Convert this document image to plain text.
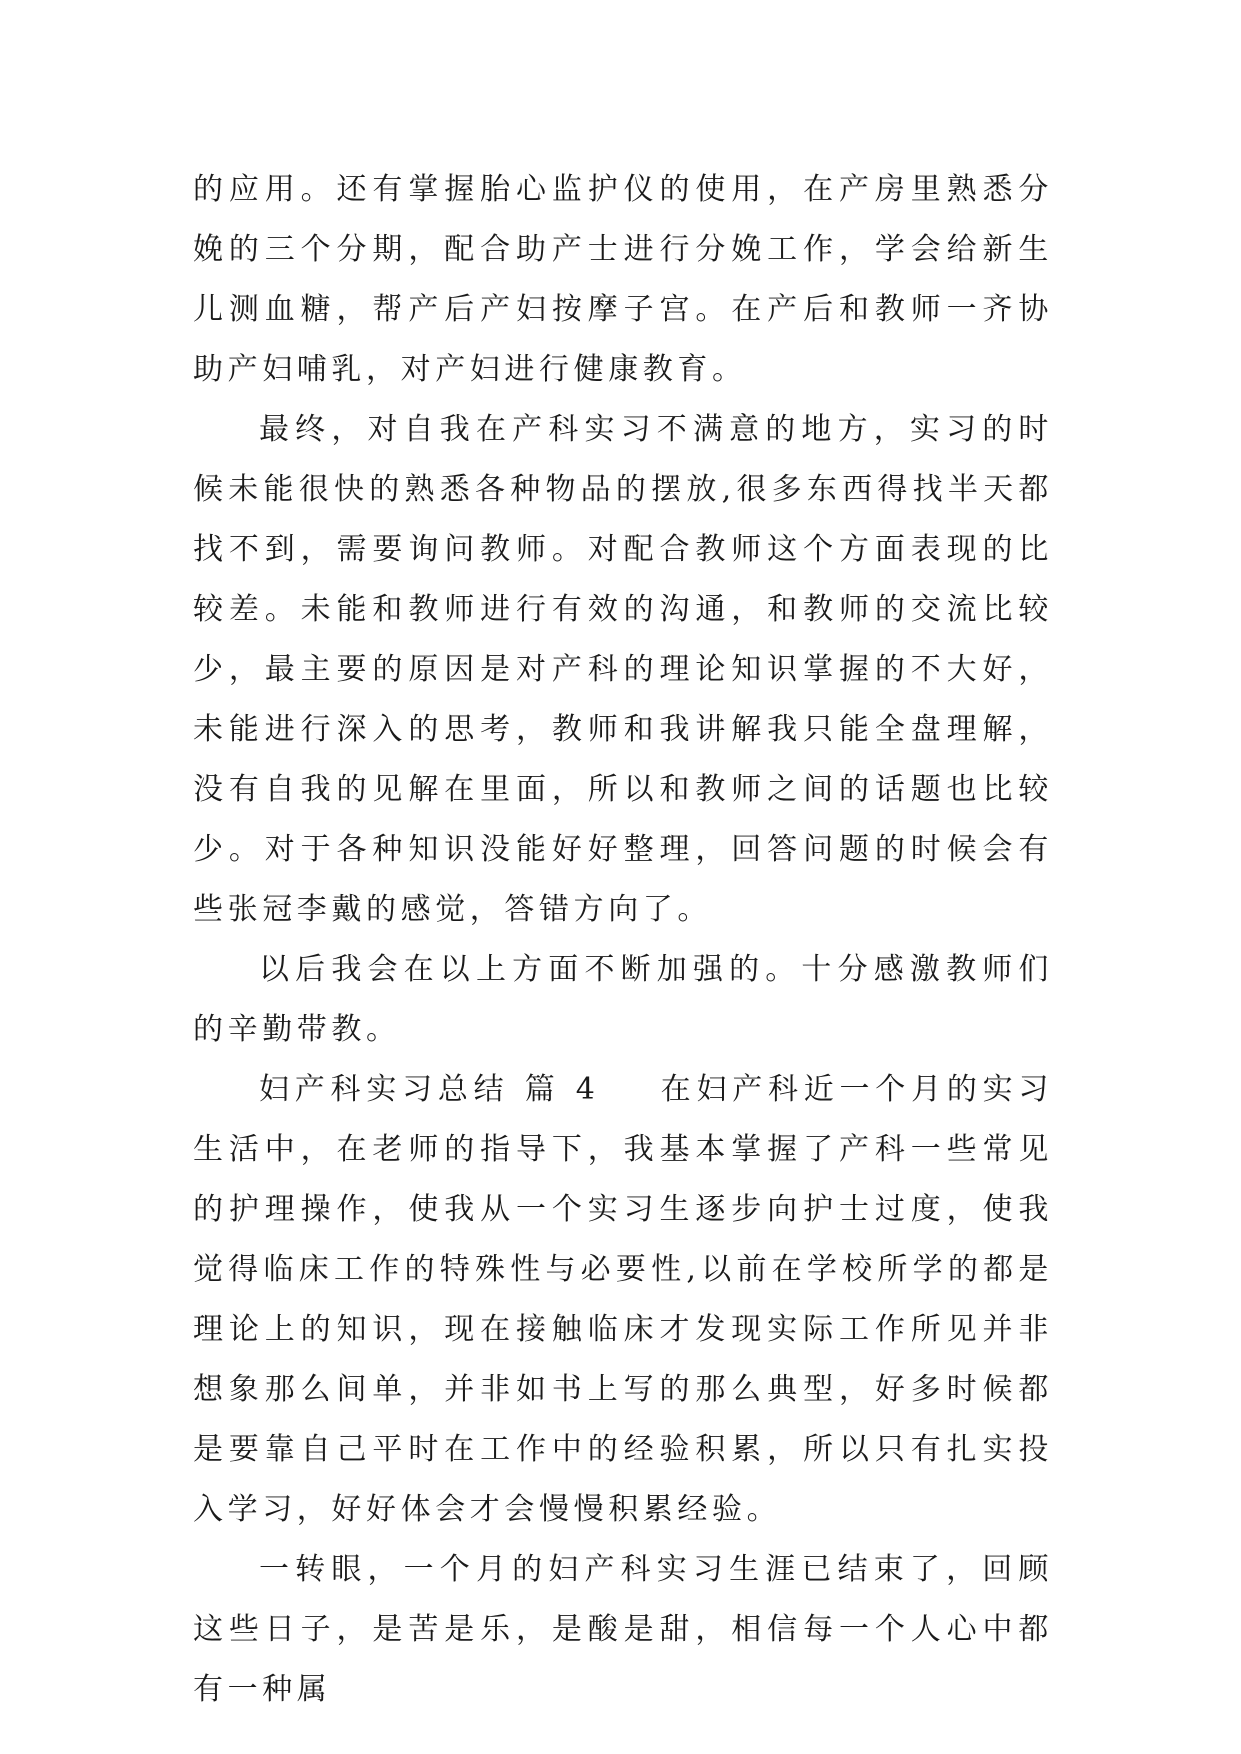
的应用。还有掌握胎心监护仪的使用，在产房里熟悉分娩的三个分期，配合助产士进行分娩工作，学会给新生儿测血糖，帮产后产妇按摩子宫。在产后和教师一齐协助产妇哺乳，对产妇进行健康教育。

最终，对自我在产科实习不满意的地方，实习的时候未能很快的熟悉各种物品的摆放,很多东西得找半天都找不到，需要询问教师。对配合教师这个方面表现的比较差。未能和教师进行有效的沟通，和教师的交流比较少，最主要的原因是对产科的理论知识掌握的不大好，未能进行深入的思考，教师和我讲解我只能全盘理解，没有自我的见解在里面，所以和教师之间的话题也比较少。对于各种知识没能好好整理，回答问题的时候会有些张冠李戴的感觉，答错方向了。

以后我会在以上方面不断加强的。十分感激教师们的辛勤带教。

妇产科实习总结 篇 4 在妇产科近一个月的实习生活中，在老师的指导下，我基本掌握了产科一些常见的护理操作，使我从一个实习生逐步向护士过度，使我觉得临床工作的特殊性与必要性,以前在学校所学的都是理论上的知识，现在接触临床才发现实际工作所见并非想象那么间单，并非如书上写的那么典型，好多时候都是要靠自己平时在工作中的经验积累，所以只有扎实投入学习，好好体会才会慢慢积累经验。

一转眼，一个月的妇产科实习生涯已结束了，回顾这些日子，是苦是乐，是酸是甜，相信每一个人心中都有一种属
